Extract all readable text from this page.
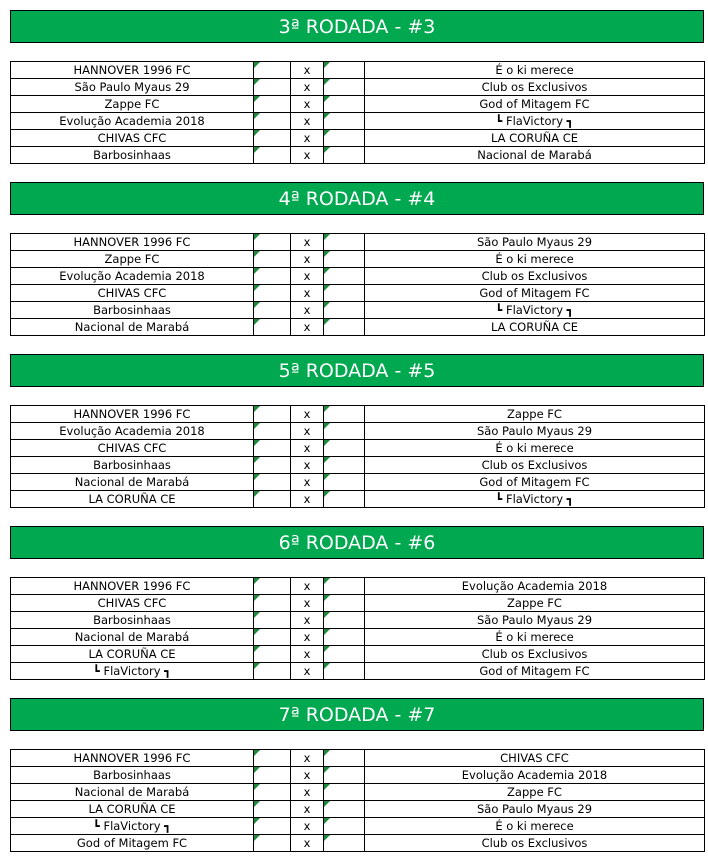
3ª RODADA - #3
HANNOVER 1996 FC		x		É o ki merece
São Paulo Myaus 29		x		Club os Exclusivos
Zappe FC		x		God of Mitagem FC
Evolução Academia 2018		x		┗ FlaVictory ┓
CHIVAS CFC		x		LA CORUÑA CE
Barbosinhaas		x		Nacional de Marabá
4ª RODADA - #4
HANNOVER 1996 FC		x		São Paulo Myaus 29
Zappe FC		x		É o ki merece
Evolução Academia 2018		x		Club os Exclusivos
CHIVAS CFC		x		God of Mitagem FC
Barbosinhaas		x		┗ FlaVictory ┓
Nacional de Marabá		x		LA CORUÑA CE
5ª RODADA - #5
HANNOVER 1996 FC		x		Zappe FC
Evolução Academia 2018		x		São Paulo Myaus 29
CHIVAS CFC		x		É o ki merece
Barbosinhaas		x		Club os Exclusivos
Nacional de Marabá		x		God of Mitagem FC
LA CORUÑA CE		x		┗ FlaVictory ┓
6ª RODADA - #6
HANNOVER 1996 FC		x		Evolução Academia 2018
CHIVAS CFC		x		Zappe FC
Barbosinhaas		x		São Paulo Myaus 29
Nacional de Marabá		x		É o ki merece
LA CORUÑA CE		x		Club os Exclusivos
┗ FlaVictory ┓		x		God of Mitagem FC
7ª RODADA - #7
HANNOVER 1996 FC		x		CHIVAS CFC
Barbosinhaas		x		Evolução Academia 2018
Nacional de Marabá		x		Zappe FC
LA CORUÑA CE		x		São Paulo Myaus 29
┗ FlaVictory ┓		x		É o ki merece
God of Mitagem FC		x		Club os Exclusivos
